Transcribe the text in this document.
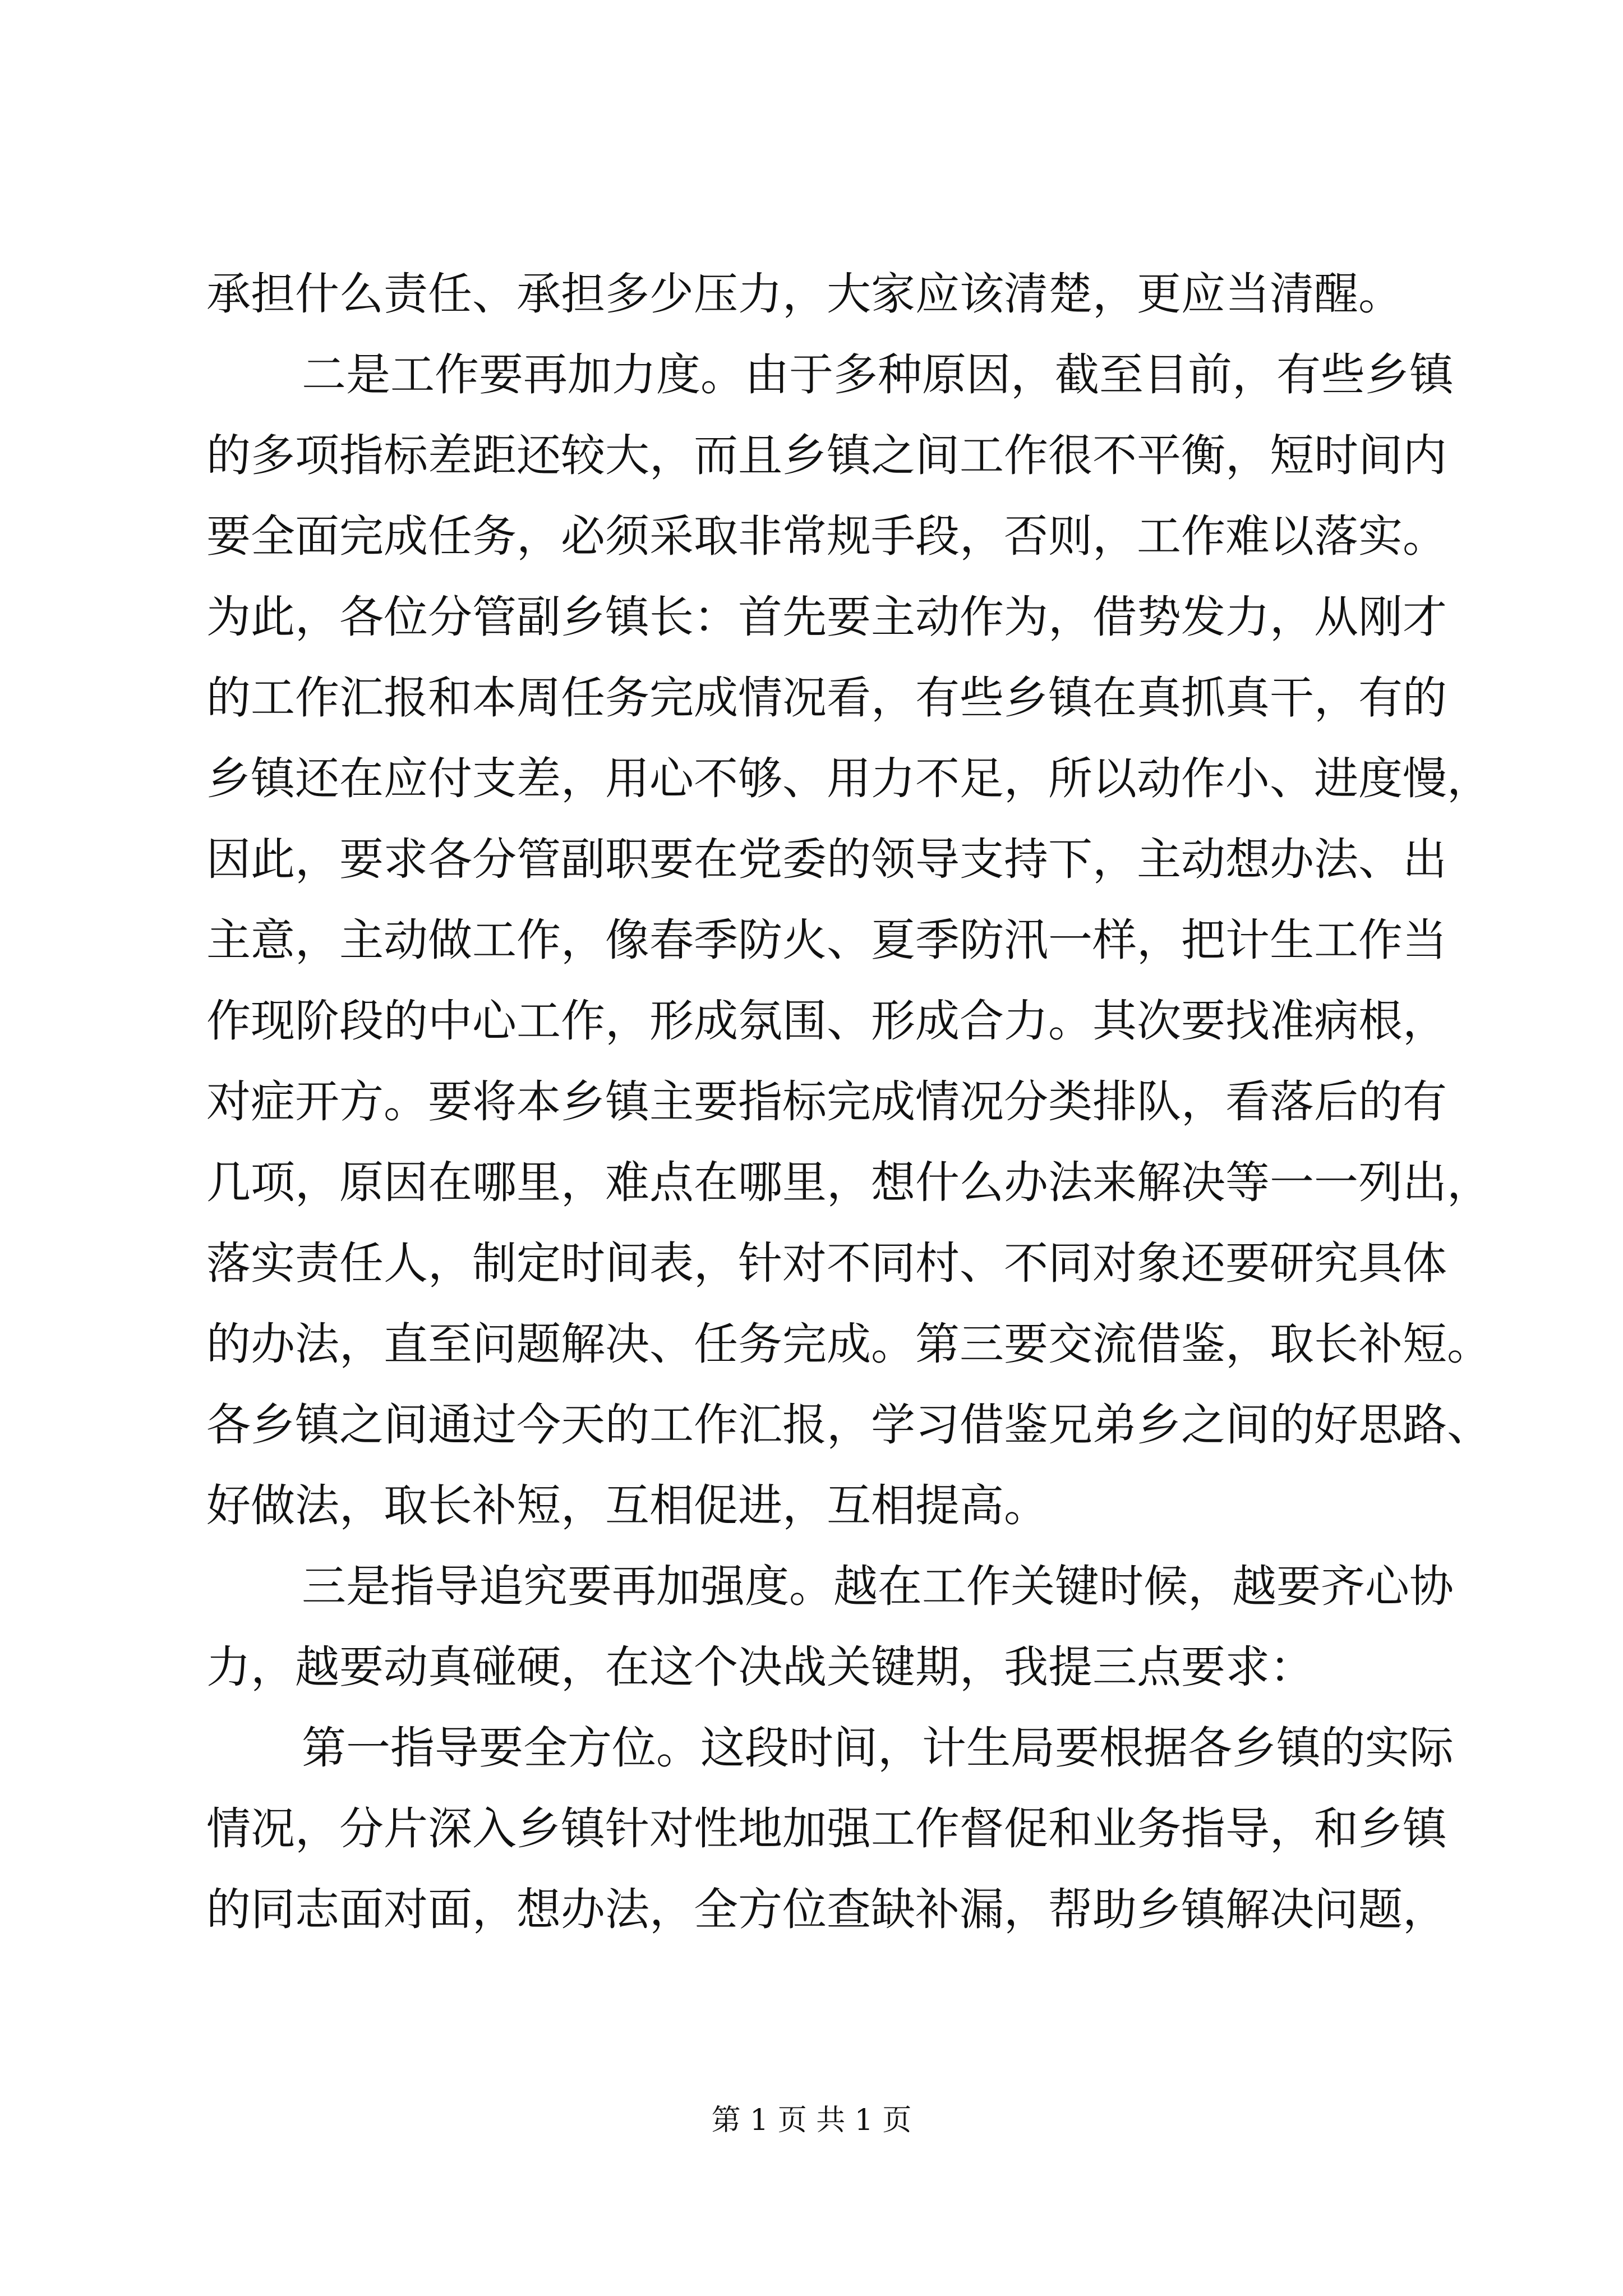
承担什么责任、承担多少压力，大家应该清楚，更应当清醒。
二是工作要再加力度。由于多种原因，截至目前，有些乡镇
的多项指标差距还较大，而且乡镇之间工作很不平衡，短时间内
要全面完成任务，必须采取非常规手段，否则，工作难以落实。
为此，各位分管副乡镇长：首先要主动作为，借势发力，从刚才
的工作汇报和本周任务完成情况看，有些乡镇在真抓真干，有的
乡镇还在应付支差，用心不够、用力不足，所以动作小、进度慢，
因此，要求各分管副职要在党委的领导支持下，主动想办法、出
主意，主动做工作，像春季防火、夏季防汛一样，把计生工作当
作现阶段的中心工作，形成氛围、形成合力。其次要找准病根，
对症开方。要将本乡镇主要指标完成情况分类排队，看落后的有
几项，原因在哪里，难点在哪里，想什么办法来解决等一一列出，
落实责任人，制定时间表，针对不同村、不同对象还要研究具体
的办法，直至问题解决、任务完成。第三要交流借鉴，取长补短。
各乡镇之间通过今天的工作汇报，学习借鉴兄弟乡之间的好思路、
好做法，取长补短，互相促进，互相提高。
三是指导追究要再加强度。越在工作关键时候，越要齐心协
力，越要动真碰硬，在这个决战关键期，我提三点要求：
第一指导要全方位。这段时间，计生局要根据各乡镇的实际
情况，分片深入乡镇针对性地加强工作督促和业务指导，和乡镇
的同志面对面，想办法，全方位查缺补漏，帮助乡镇解决问题，
第 1 页 共 1 页
